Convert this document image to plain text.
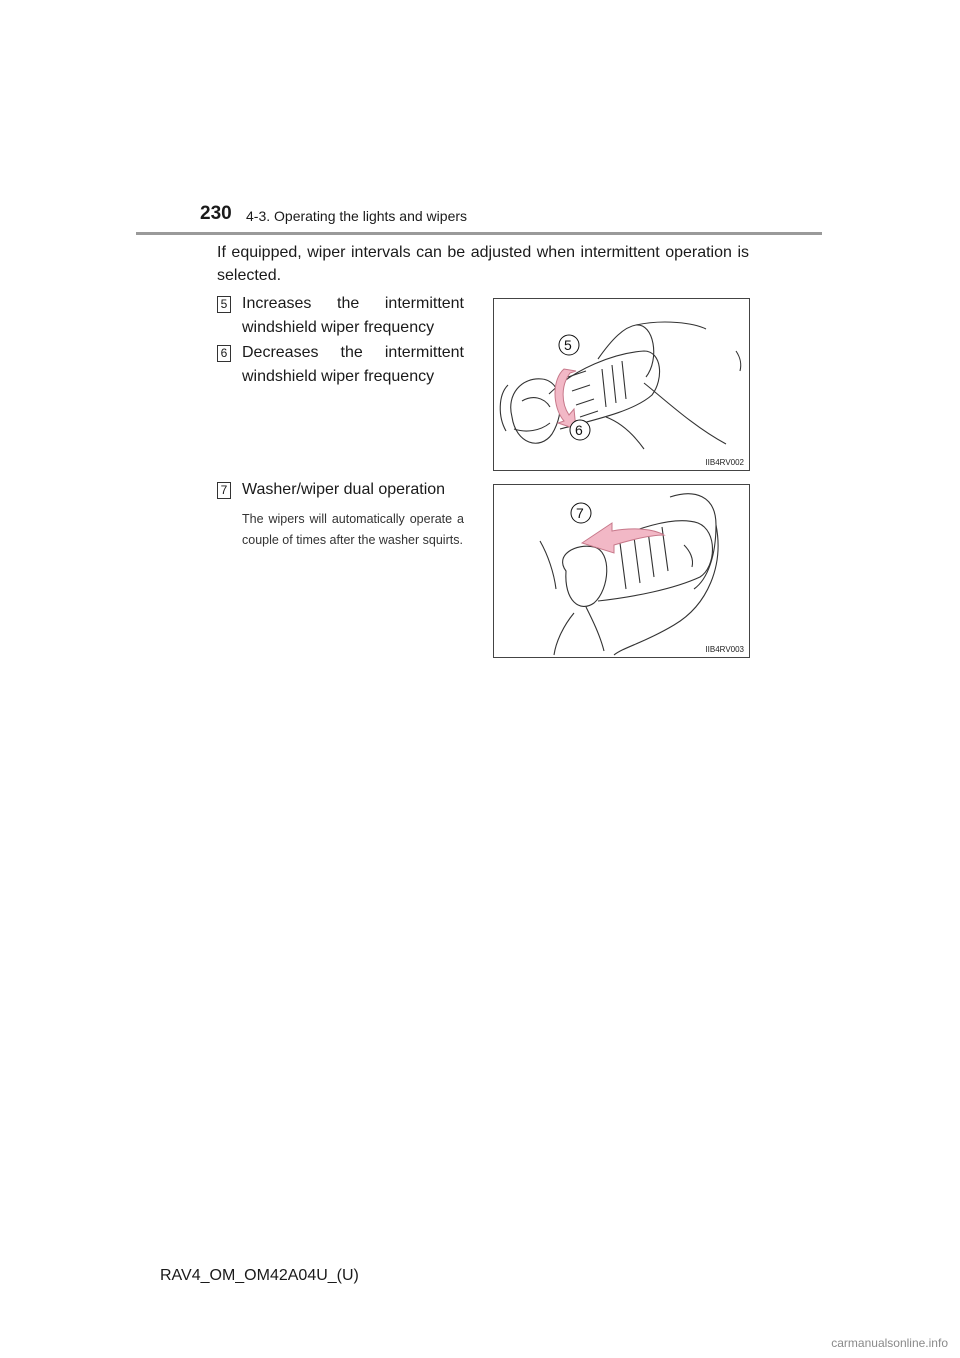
230 4-3. Operating the lights and wipers
If equipped, wiper intervals can be adjusted when intermittent operation is selected.
5 Increases the intermittent windshield wiper frequency
6 Decreases the intermittent windshield wiper frequency
7 Washer/wiper dual operation
The wipers will automatically operate a couple of times after the washer squirts.
5
6
IIB4RV002
7
IIB4RV003
RAV4_OM_OM42A04U_(U)
carmanualsonline.info
